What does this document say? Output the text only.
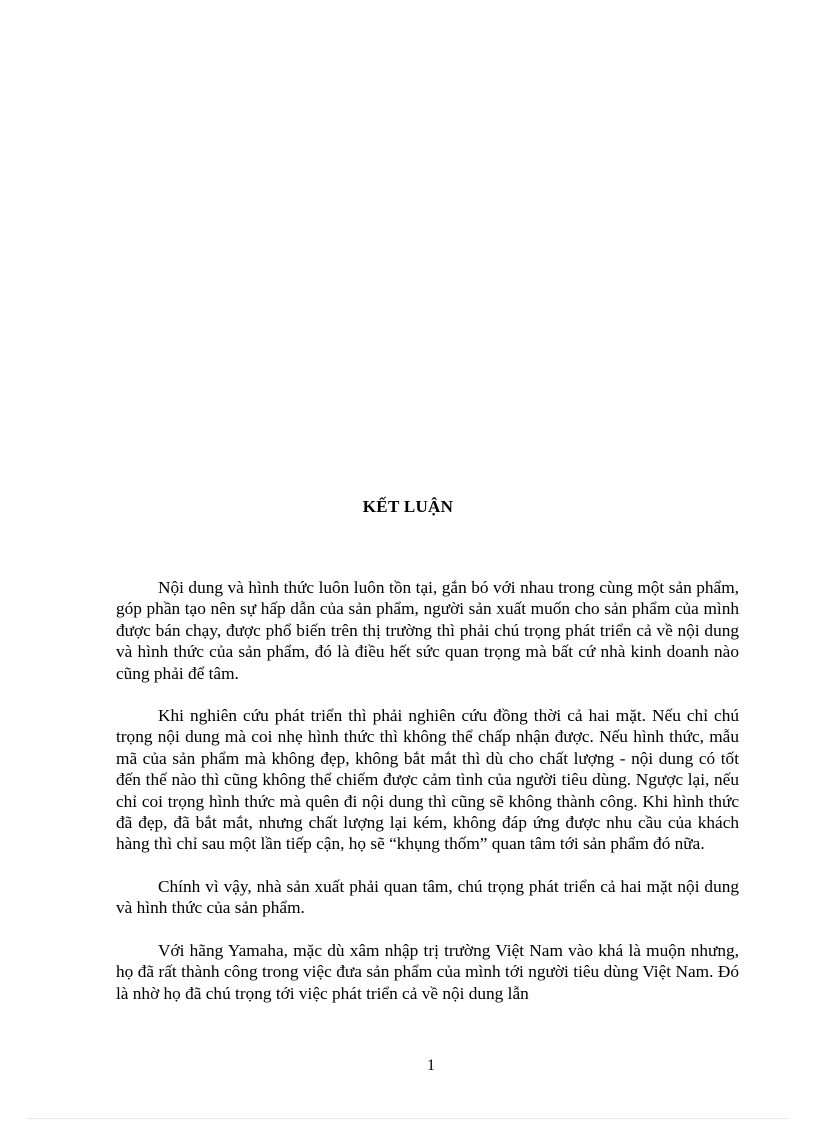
KẾT LUẬN

Nội dung và hình thức luôn luôn tồn tại, gắn bó với nhau trong cùng một sản phẩm, góp phần tạo nên sự hấp dẫn của sản phẩm, người sản xuất muốn cho sản phẩm của mình được bán chạy, được phổ biến trên thị trường thì phải chú trọng phát triển cả về nội dung và hình thức của sản phẩm, đó là điều hết sức quan trọng mà bất cứ nhà kinh doanh nào cũng phải để tâm.

Khi nghiên cứu phát triển thì phải nghiên cứu đồng thời cả hai mặt. Nếu chỉ chú trọng nội dung mà coi nhẹ hình thức thì không thể chấp nhận được. Nếu hình thức, mẫu mã của sản phẩm mà không đẹp, không bắt mắt thì dù cho chất lượng - nội dung có tốt đến thế nào thì cũng không thể chiếm được cảm tình của người tiêu dùng. Ngược lại, nếu chỉ coi trọng hình thức mà quên đi nội dung thì cũng sẽ không thành công. Khi hình thức đã đẹp, đã bắt mắt, nhưng chất lượng lại kém, không đáp ứng được nhu cầu của khách hàng thì chỉ sau một lần tiếp cận, họ sẽ “khụng thốm” quan tâm tới sản phẩm đó nữa.

Chính vì vậy, nhà sản xuất phải quan tâm, chú trọng phát triển cả hai mặt nội dung và hình thức của sản phẩm.

Với hãng Yamaha, mặc dù xâm nhập trị trường Việt Nam vào khá là muộn nhưng, họ đã rất thành công trong việc đưa sản phẩm của mình tới người tiêu dùng Việt Nam. Đó là nhờ họ đã chú trọng tới việc phát triển cả về nội dung lẫn

1
